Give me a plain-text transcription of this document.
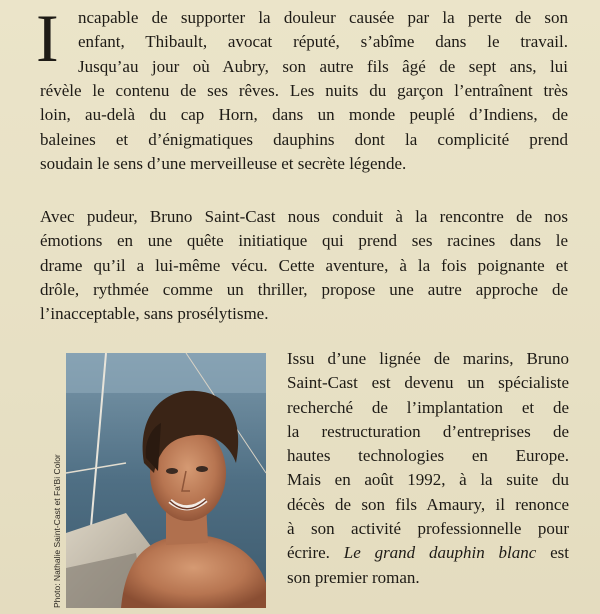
I ncapable de supporter la douleur causée par la perte de son
enfant, Thibault, avocat réputé, s’abîme dans le travail.
Jusqu’au jour où Aubry, son autre fils âgé de sept ans, lui

révèle le contenu de ses rêves. Les nuits du garçon l’entraînent très
loin, au-delà du cap Horn, dans un monde peuplé d’Indiens, de
baleines et d’énigmatiques dauphins dont la complicité prend
soudain le sens d’une merveilleuse et secrète légende.

Avec pudeur, Bruno Saint-Cast nous conduit à la rencontre de nos
émotions en une quête initiatique qui prend ses racines dans le
drame qu’il a lui-même vécu. Cette aventure, à la fois poignante et
drôle, rythmée comme un thriller, propose une autre approche de
l’inacceptable, sans prosélytisme.

Photo: Nathalie Saint-Cast et Fa'Bi Color

Issu d’une lignée de marins, Bruno
Saint-Cast est devenu un spécialiste
recherché de l’implantation et de
la restructuration d’entreprises de
hautes technologies en Europe.
Mais en août 1992, à la suite du
décès de son fils Amaury, il renonce
à son activité professionnelle pour
écrire. Le grand dauphin blanc est
son premier roman.
